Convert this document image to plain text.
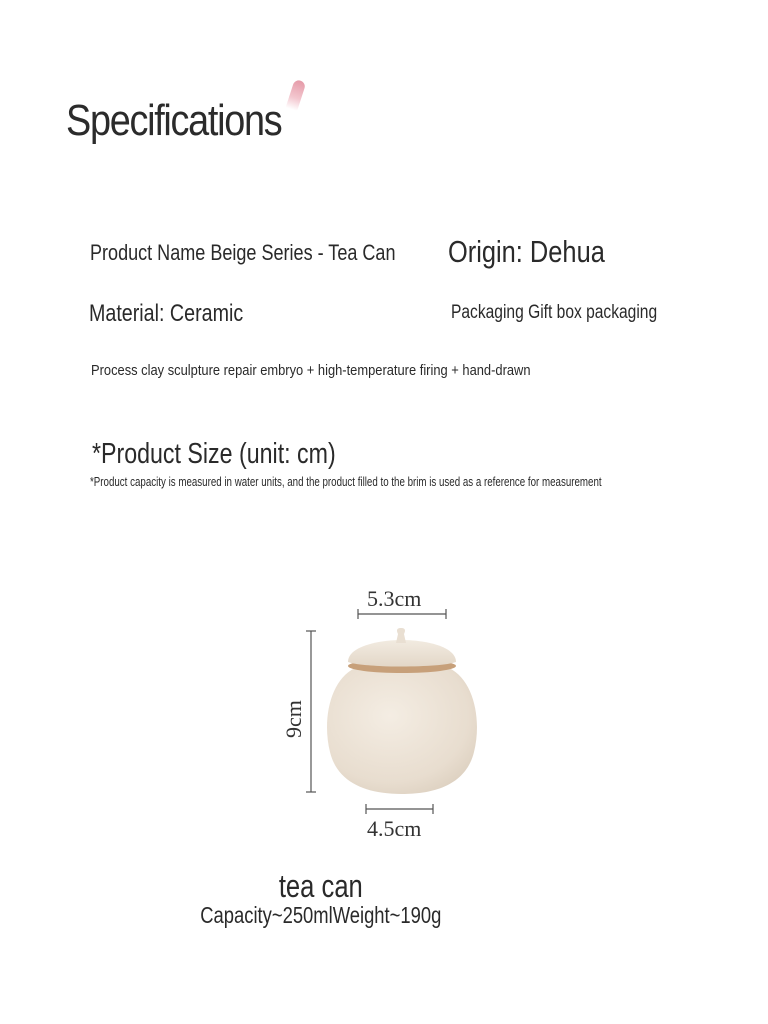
Specifications
Product Name Beige Series - Tea Can Origin: Dehua
Material: Ceramic	Packaging Gift box packaging
Process clay sculpture repair embryo + high-temperature firing + hand-drawn
*Product Size (unit: cm)
*Product capacity is measured in water units, and the product filled to the brim is used as a reference for measurement
5.3cm
9cm
4.5cm
tea can
Capacity~250mlWeight~190g
